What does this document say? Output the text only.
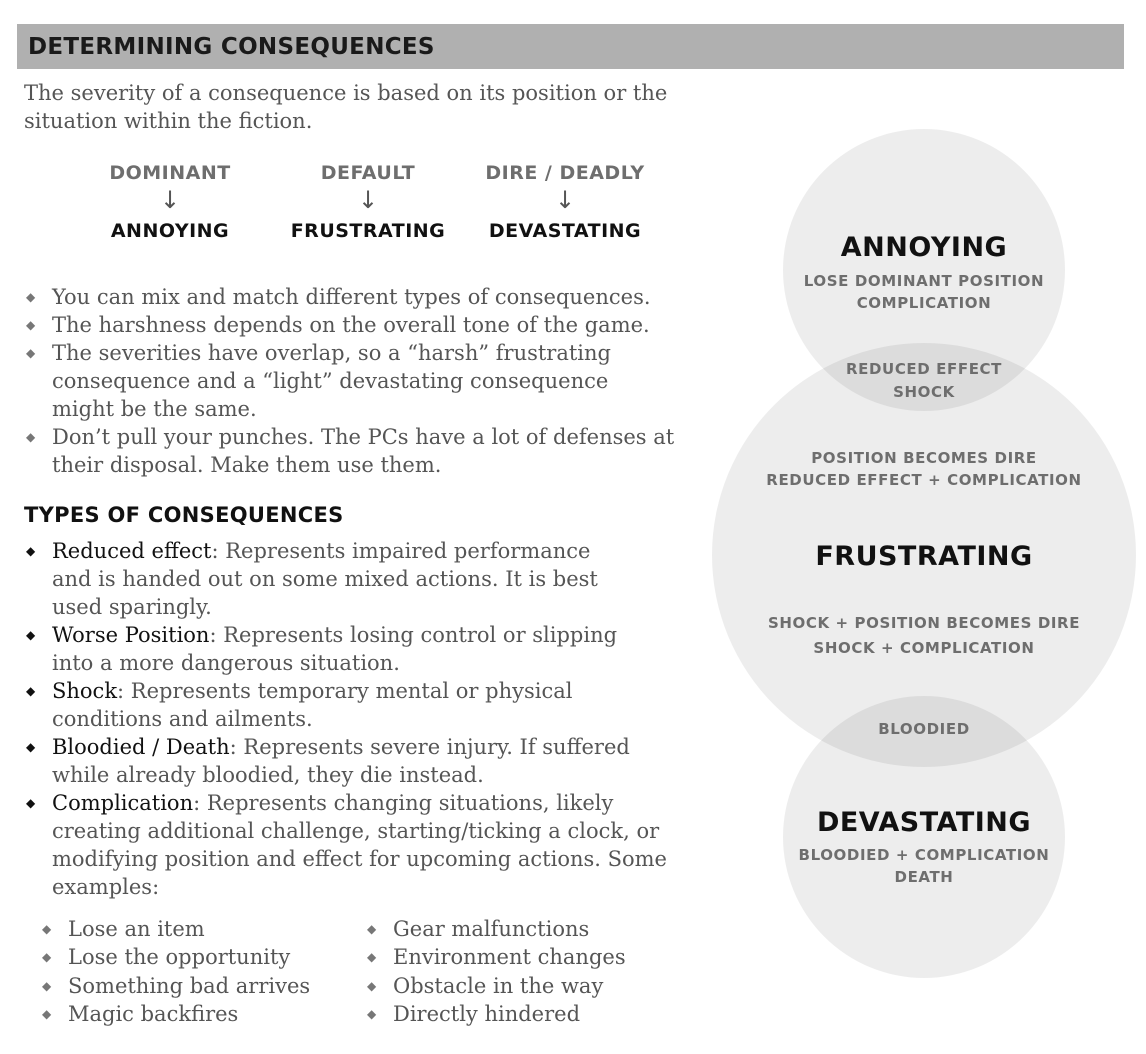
DETERMINING CONSEQUENCES
The severity of a consequence is based on its position or the situation within the fiction.
DOMINANT
↓
ANNOYING
DEFAULT
↓
FRUSTRATING
DIRE / DEADLY
↓
DEVASTATING
◆ You can mix and match different types of consequences.
◆ The harshness depends on the overall tone of the game.
◆ The severities have overlap, so a “harsh” frustrating consequence and a “light” devastating consequence might be the same.
◆ Don’t pull your punches. The PCs have a lot of defenses at their disposal. Make them use them.
TYPES OF CONSEQUENCES
◆ Reduced effect: Represents impaired performance and is handed out on some mixed actions. It is best used sparingly.
◆ Worse Position: Represents losing control or slipping into a more dangerous situation.
◆ Shock: Represents temporary mental or physical conditions and ailments.
◆ Bloodied / Death: Represents severe injury. If suffered while already bloodied, they die instead.
◆ Complication: Represents changing situations, likely creating additional challenge, starting/ticking a clock, or modifying position and effect for upcoming actions. Some examples:
◆ Lose an item
◆ Lose the opportunity
◆ Something bad arrives
◆ Magic backfires
◆ Gear malfunctions
◆ Environment changes
◆ Obstacle in the way
◆ Directly hindered
ANNOYING
LOSE DOMINANT POSITION
COMPLICATION
REDUCED EFFECT
SHOCK
POSITION BECOMES DIRE
REDUCED EFFECT + COMPLICATION
FRUSTRATING
SHOCK + POSITION BECOMES DIRE
SHOCK + COMPLICATION
BLOODIED
DEVASTATING
BLOODIED + COMPLICATION
DEATH
